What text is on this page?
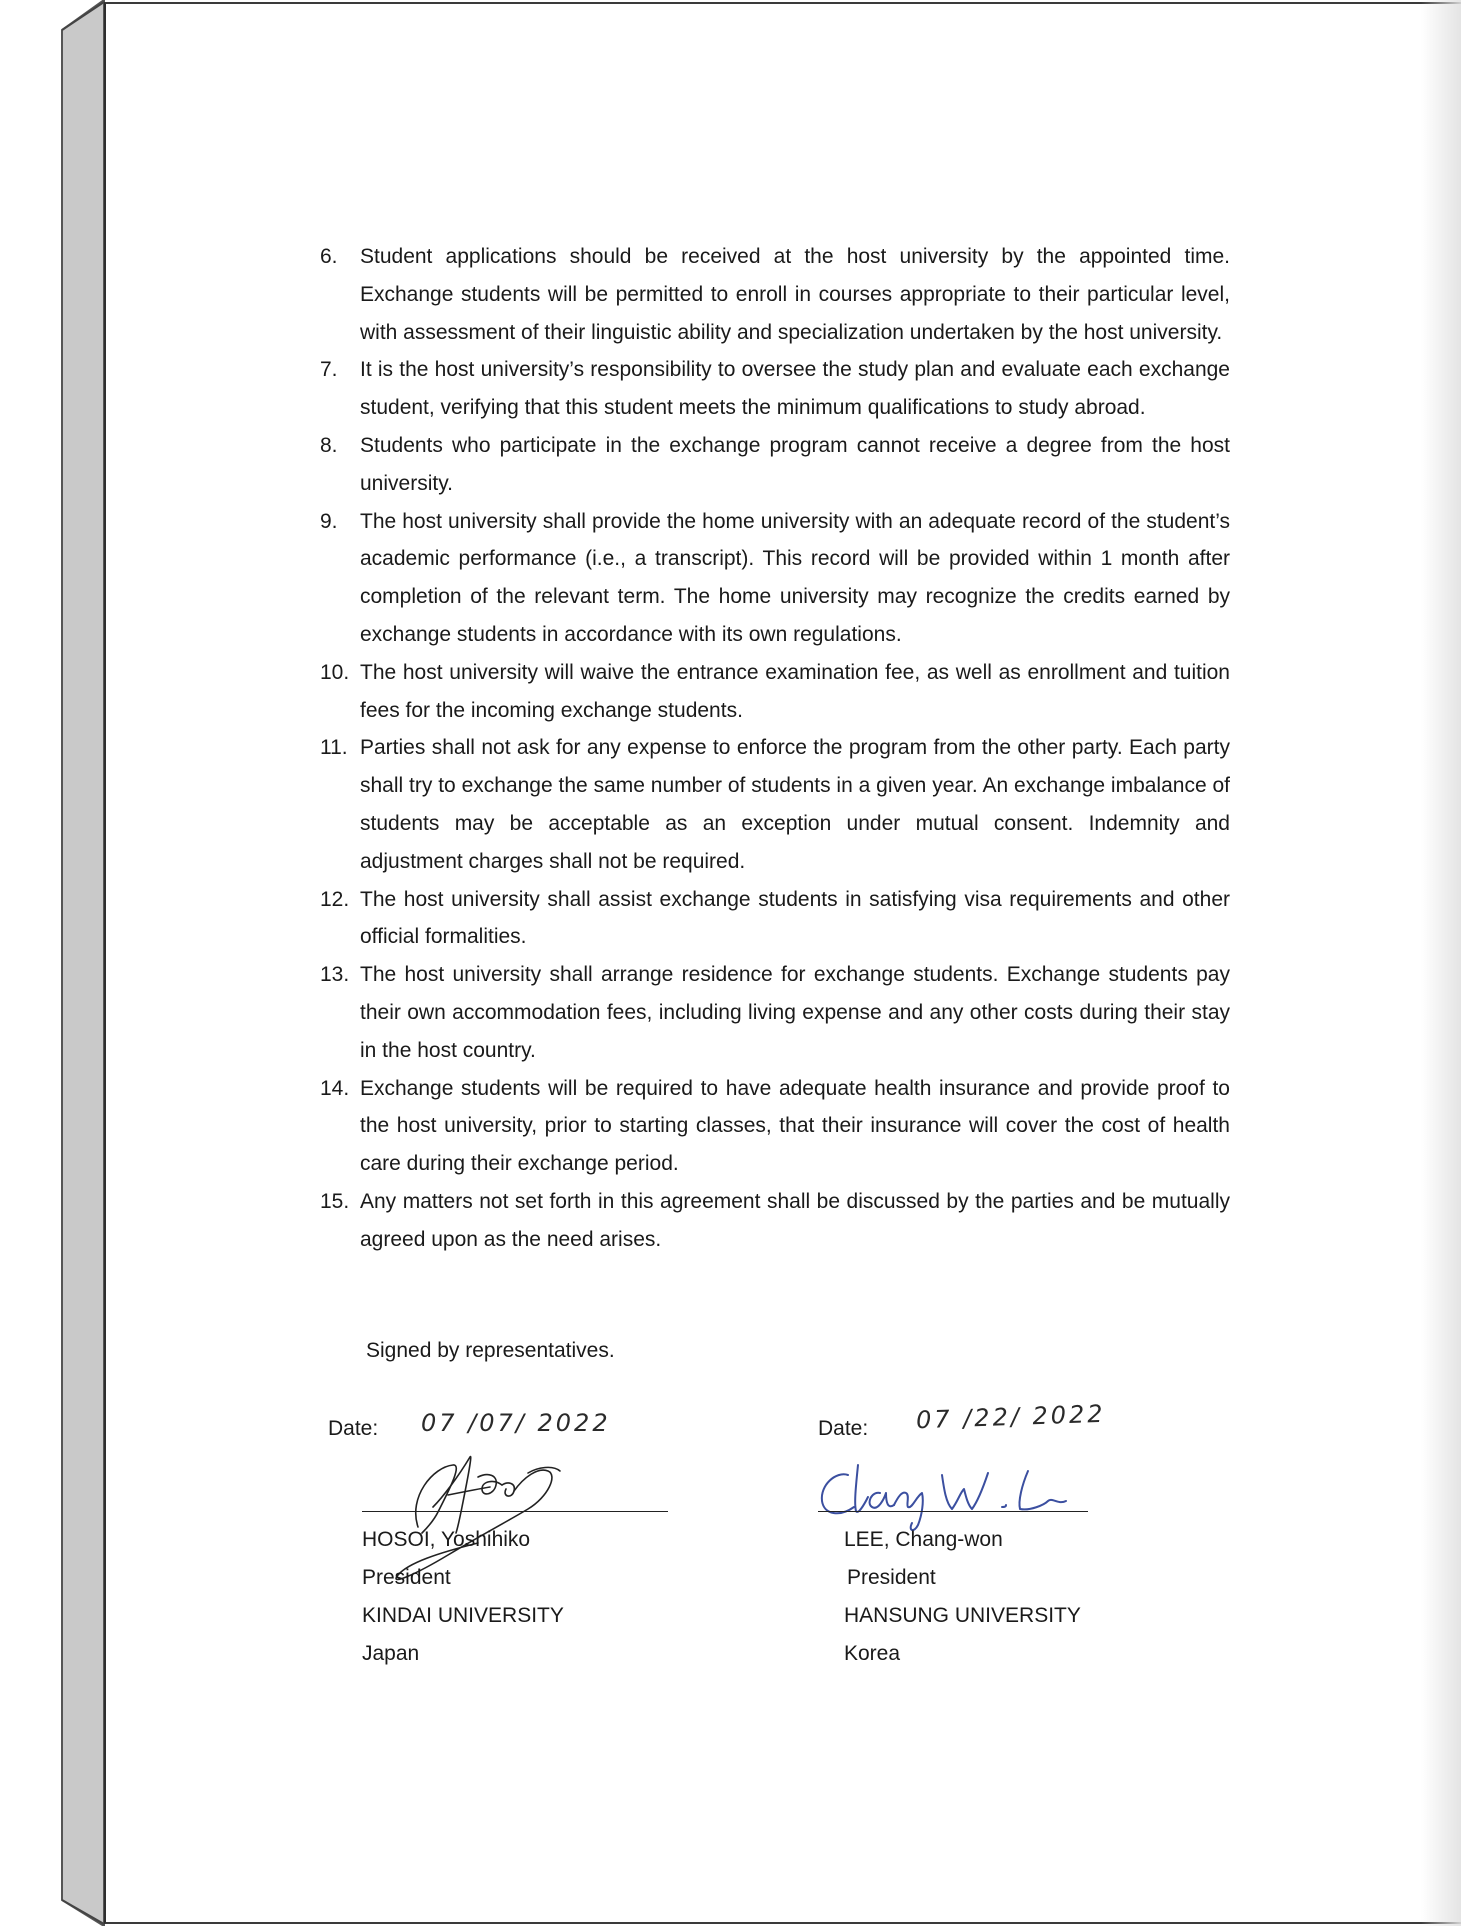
6.	Student applications should be received at the host university by the appointed time. Exchange students will be permitted to enroll in courses appropriate to their particular level, with assessment of their linguistic ability and specialization undertaken by the host university.
7.	It is the host university’s responsibility to oversee the study plan and evaluate each exchange student, verifying that this student meets the minimum qualifications to study abroad.
8.	Students who participate in the exchange program cannot receive a degree from the host university.
9.	The host university shall provide the home university with an adequate record of the student’s academic performance (i.e., a transcript). This record will be provided within 1 month after completion of the relevant term. The home university may recognize the credits earned by exchange students in accordance with its own regulations.
10. The host university will waive the entrance examination fee, as well as enrollment and tuition fees for the incoming exchange students.
11. Parties shall not ask for any expense to enforce the program from the other party. Each party shall try to exchange the same number of students in a given year. An exchange imbalance of students may be acceptable as an exception under mutual consent. Indemnity and adjustment charges shall not be required.
12. The host university shall assist exchange students in satisfying visa requirements and other official formalities.
13. The host university shall arrange residence for exchange students. Exchange students pay their own accommodation fees, including living expense and any other costs during their stay in the host country.
14. Exchange students will be required to have adequate health insurance and provide proof to the host university, prior to starting classes, that their insurance will cover the cost of health care during their exchange period.
15. Any matters not set forth in this agreement shall be discussed by the parties and be mutually agreed upon as the need arises.
Signed by representatives.
Date: 07 /07/ 2022
HOSOI, Yoshihiko
President
KINDAI UNIVERSITY
Japan
Date: 07 /22/ 2022
LEE, Chang-won
President
HANSUNG UNIVERSITY
Korea
